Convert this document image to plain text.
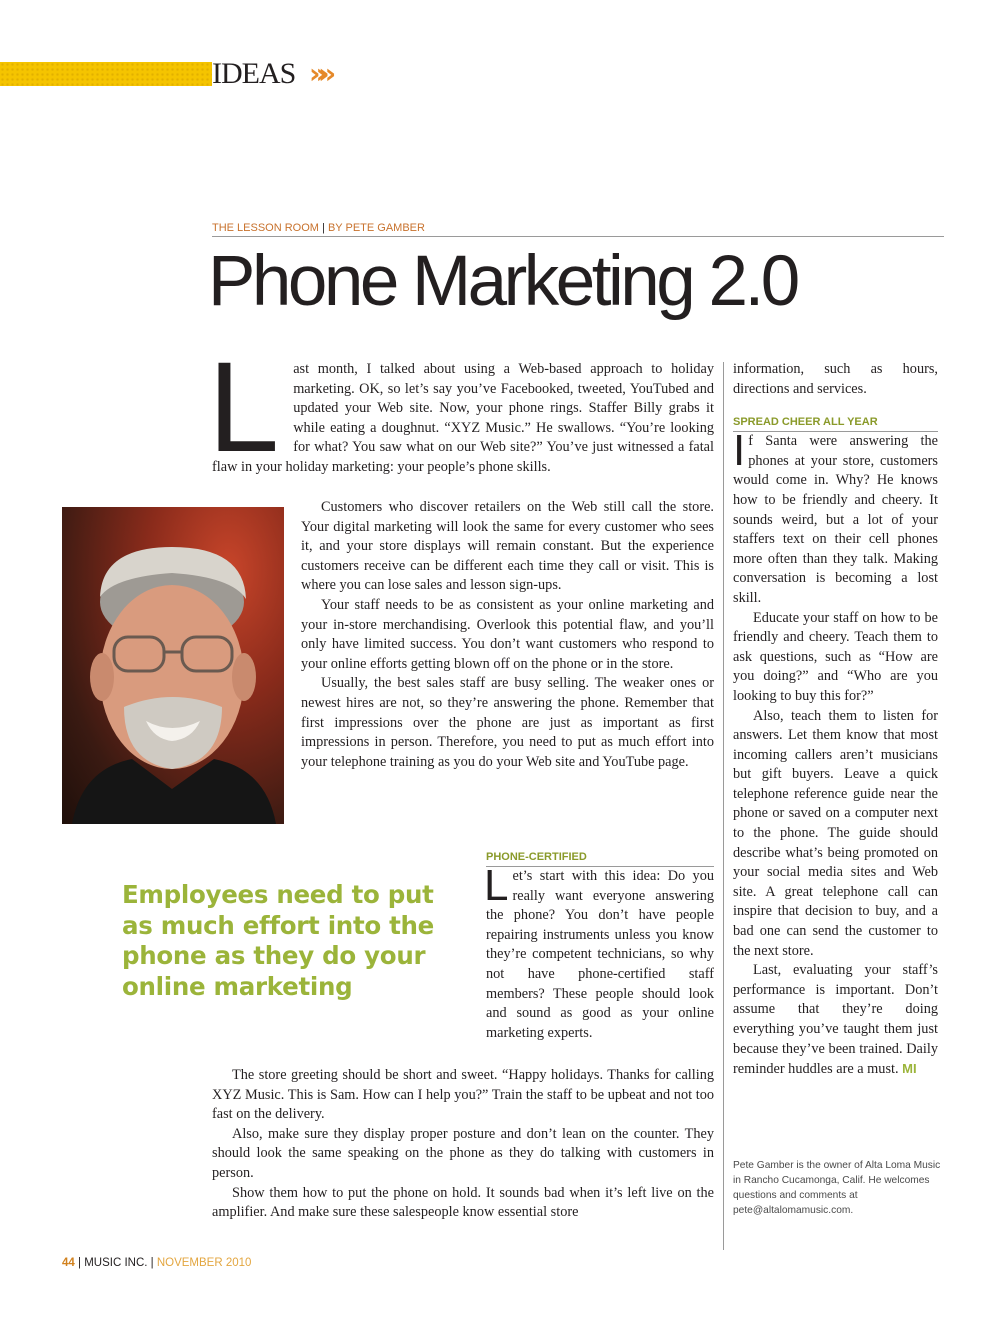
IDEAS »»
THE LESSON ROOM | BY PETE GAMBER
Phone Marketing 2.0
L ast month, I talked about using a Web-based approach to holiday marketing. OK, so let’s say you’ve Facebooked, tweeted, YouTubed and updated your Web site. Now, your phone rings. Staffer Billy grabs it while eating a doughnut. “XYZ Music.” He swallows. “You’re looking for what? You saw what on our Web site?” You’ve just witnessed a fatal flaw in your holiday marketing: your people’s phone skills.

Customers who discover retailers on the Web still call the store. Your digital marketing will look the same for every customer who sees it, and your store displays will remain constant. But the experience customers receive can be different each time they call or visit. This is where you can lose sales and lesson sign-ups.

Your staff needs to be as consistent as your online marketing and your in-store merchandising. Overlook this potential flaw, and you’ll only have limited success. You don’t want customers who respond to your online efforts getting blown off on the phone or in the store.

Usually, the best sales staff are busy selling. The weaker ones or newest hires are not, so they’re answering the phone. Remember that first impressions over the phone are just as important as first impressions in person. Therefore, you need to put as much effort into your telephone training as you do your Web site and YouTube page.

PHONE-CERTIFIED

L et’s start with this idea: Do you really want everyone answering the phone? You don’t have people repairing instruments unless you know they’re competent technicians, so why not have phone-certified staff members? These people should look and sound as good as your online marketing experts.
Employees need to put as much effort into the phone as they do your online marketing

The store greeting should be short and sweet. “Happy holidays. Thanks for calling XYZ Music. This is Sam. How can I help you?” Train the staff to be upbeat and not too fast on the delivery.

Also, make sure they display proper posture and don’t lean on the counter. They should look the same speaking on the phone as they do talking with customers in person.

Show them how to put the phone on hold. It sounds bad when it’s left live on the amplifier. And make sure these salespeople know essential store

information, such as hours, directions and services.

SPREAD CHEER ALL YEAR

I f Santa were answering the phones at your store, customers would come in. Why? He knows how to be friendly and cheery. It sounds weird, but a lot of your staffers text on their cell phones more often than they talk. Making conversation is becoming a lost skill.

Educate your staff on how to be friendly and cheery. Teach them to ask questions, such as “How are you doing?” and “Who are you looking to buy this for?”

Also, teach them to listen for answers. Let them know that most incoming callers aren’t musicians but gift buyers. Leave a quick telephone reference guide near the phone or saved on a computer next to the phone. The guide should describe what’s being promoted on your social media sites and Web site. A great telephone call can inspire that decision to buy, and a bad one can send the customer to the next store.

Last, evaluating your staff’s performance is important. Don’t assume that they’re doing everything you’ve taught them just because they’ve been trained. Daily reminder huddles are a must. MI

Pete Gamber is the owner of Alta Loma Music in Rancho Cucamonga, Calif. He welcomes questions and comments at pete@altalomamusic.com.
44 | MUSIC INC. | NOVEMBER 2010
